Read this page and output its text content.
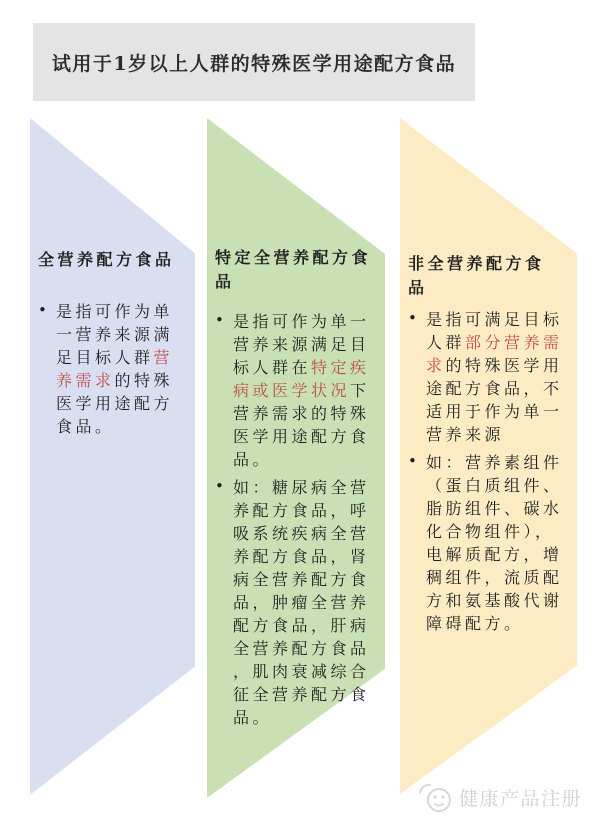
试用于1岁以上人群的特殊医学用途配方食品
全营养配方食品
• 是指可作为单一营养来源满足目标人群营养需求的特殊医学用途配方食品。
特定全营养配方食品
• 是指可作为单一营养来源满足目标人群在特定疾病或医学状况下营养需求的特殊医学用途配方食品。
• 如：糖尿病全营养配方食品，呼吸系统疾病全营养配方食品，肾病全营养配方食品，肿瘤全营养配方食品，肝病全营养配方食品，肌肉衰减综合征全营养配方食品。
非全营养配方食品
• 是指可满足目标人群部分营养需求的特殊医学用途配方食品，不适用于作为单一营养来源
• 如：营养素组件（蛋白质组件、脂肪组件、碳水化合物组件），电解质配方，增稠组件，流质配方和氨基酸代谢障碍配方。
健康产品注册
